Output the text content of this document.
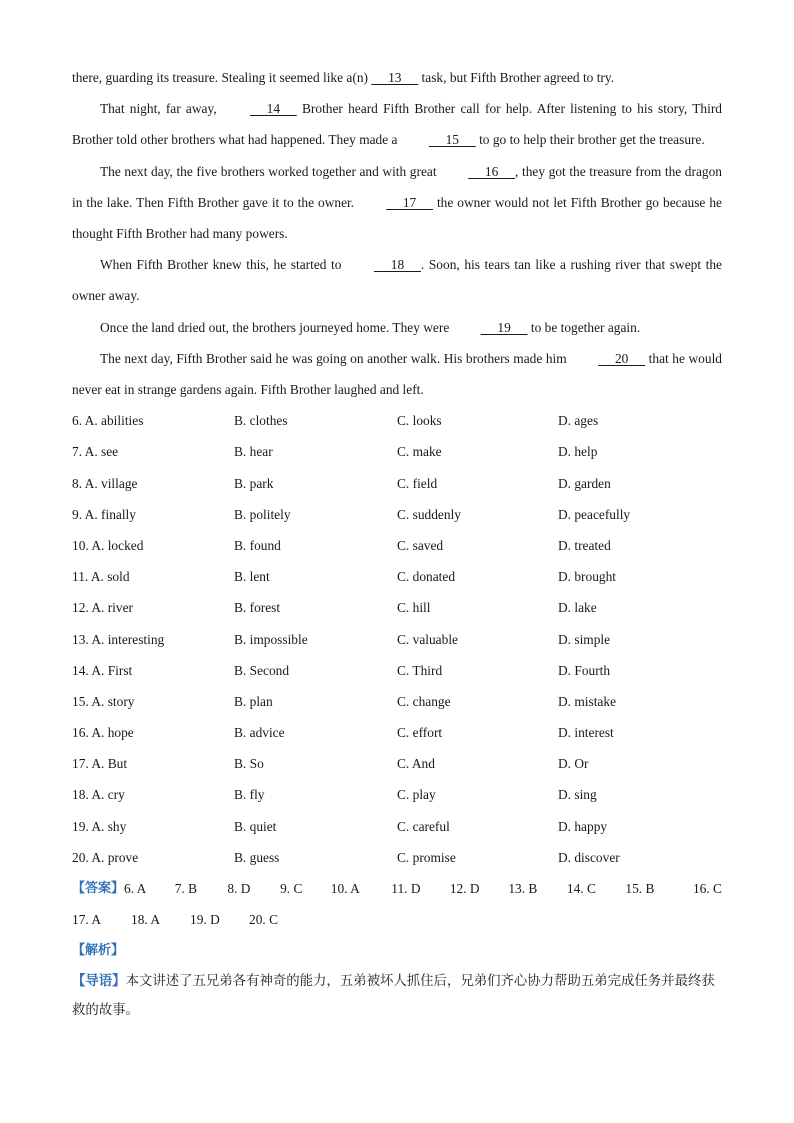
there, guarding its treasure. Stealing it seemed like a(n)      13      task, but Fifth Brother agreed to try.

That night, far away,      14      Brother heard Fifth Brother call for help. After listening to his story, Third Brother told other brothers what had happened. They made a      15      to go to help their brother get the treasure.

The next day, the five brothers worked together and with great      16     , they got the treasure from the dragon in the lake. Then Fifth Brother gave it to the owner.      17      the owner would not let Fifth Brother go because he thought Fifth Brother had many powers.

When Fifth Brother knew this, he started to      18     . Soon, his tears tan like a rushing river that swept the owner away.

Once the land dried out, the brothers journeyed home. They were      19      to be together again.

The next day, Fifth Brother said he was going on another walk. His brothers made him      20      that he would never eat in strange gardens again. Fifth Brother laughed and left.

6. A. abilities	B. clothes	C. looks	D. ages
7. A. see	B. hear	C. make	D. help
8. A. village	B. park	C. field	D. garden
9. A. finally	B. politely	C. suddenly	D. peacefully
10. A. locked	B. found	C. saved	D. treated
11. A. sold	B. lent	C. donated	D. brought
12. A. river	B. forest	C. hill	D. lake
13. A. interesting	B. impossible	C. valuable	D. simple
14. A. First	B. Second	C. Third	D. Fourth
15. A. story	B. plan	C. change	D. mistake
16. A. hope	B. advice	C. effort	D. interest
17. A. But	B. So	C. And	D. Or
18. A. cry	B. fly	C. play	D. sing
19. A. shy	B. quiet	C. careful	D. happy
20. A. prove	B. guess	C. promise	D. discover
【答案】 6. A	7. B	8. D	9. C	10. A	11. D	12. D	13. B	14. C	15. B	16. C
17. A	18. A	19. D	20. C
【解析】

【导语】本文讲述了五兄弟各有神奇的能力，五弟被坏人抓住后，兄弟们齐心协力帮助五弟完成任务并最终获救的故事。
